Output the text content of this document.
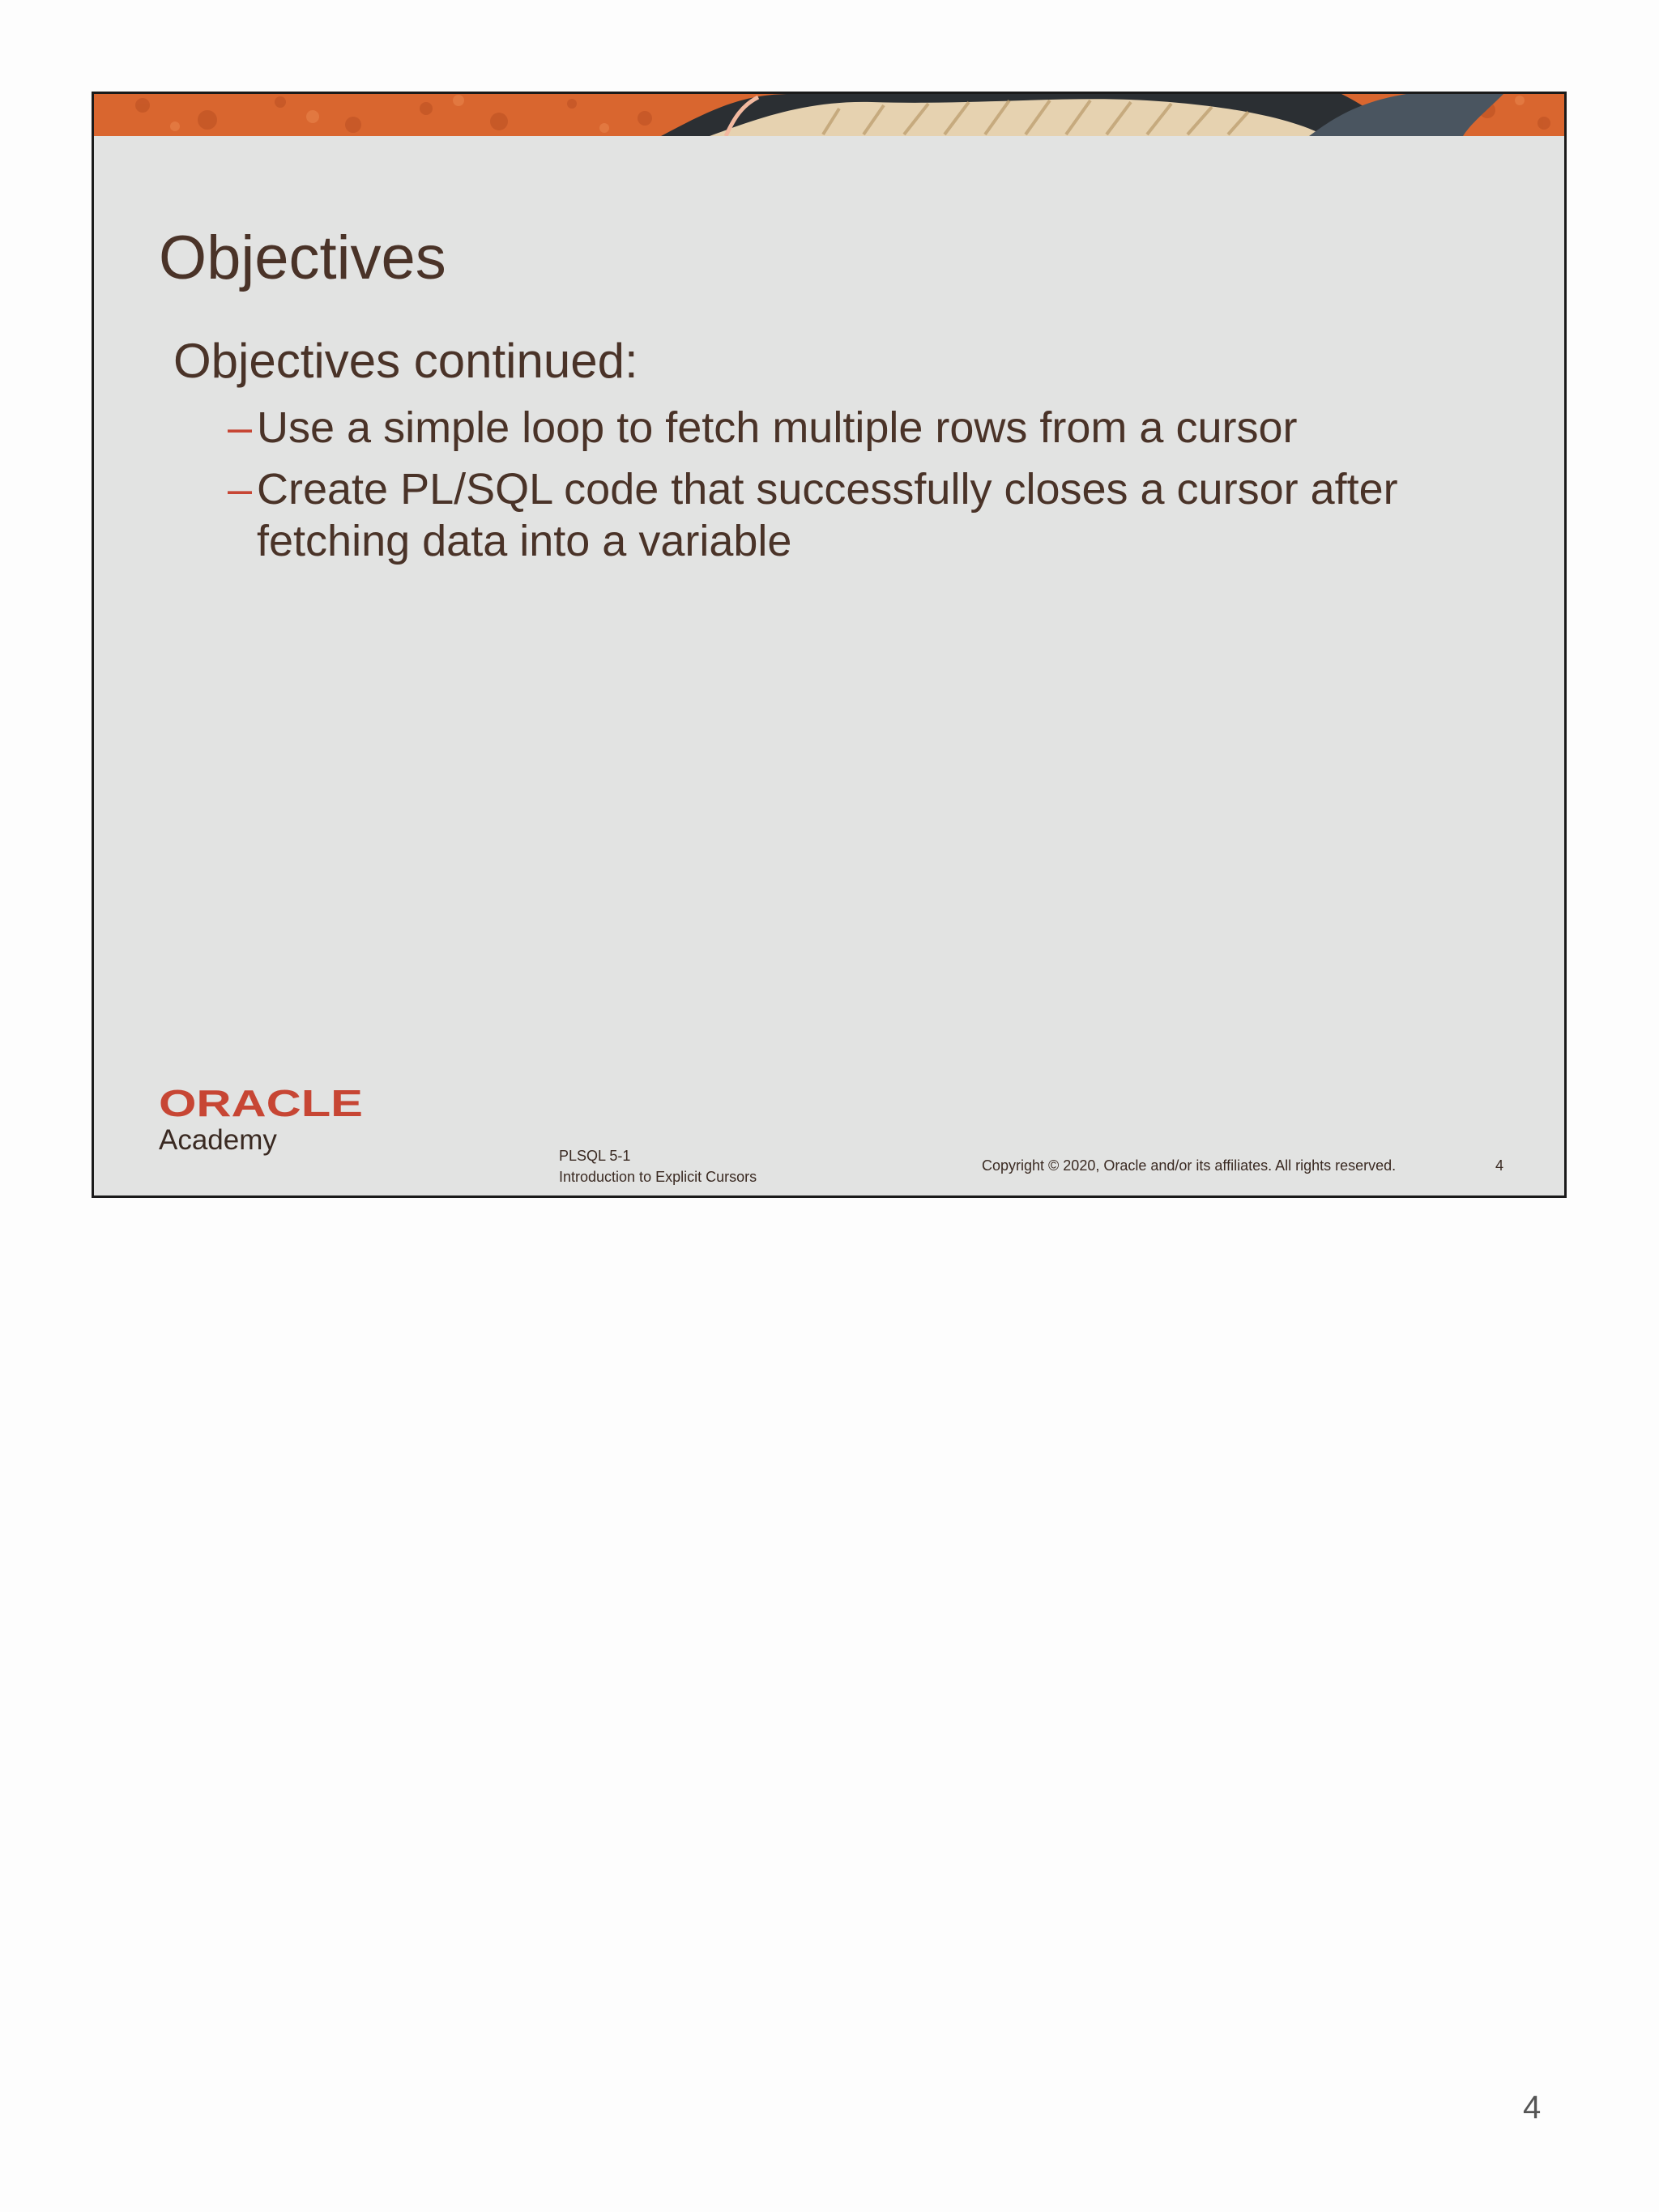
Objectives
Objectives continued:
– Use a simple loop to fetch multiple rows from a cursor
– Create PL/SQL code that successfully closes a cursor after fetching data into a variable
ORACLE
Academy	PLSQL 5-1
Introduction to Explicit Cursors
Copyright © 2020, Oracle and/or its affiliates. All rights reserved.	4
4
